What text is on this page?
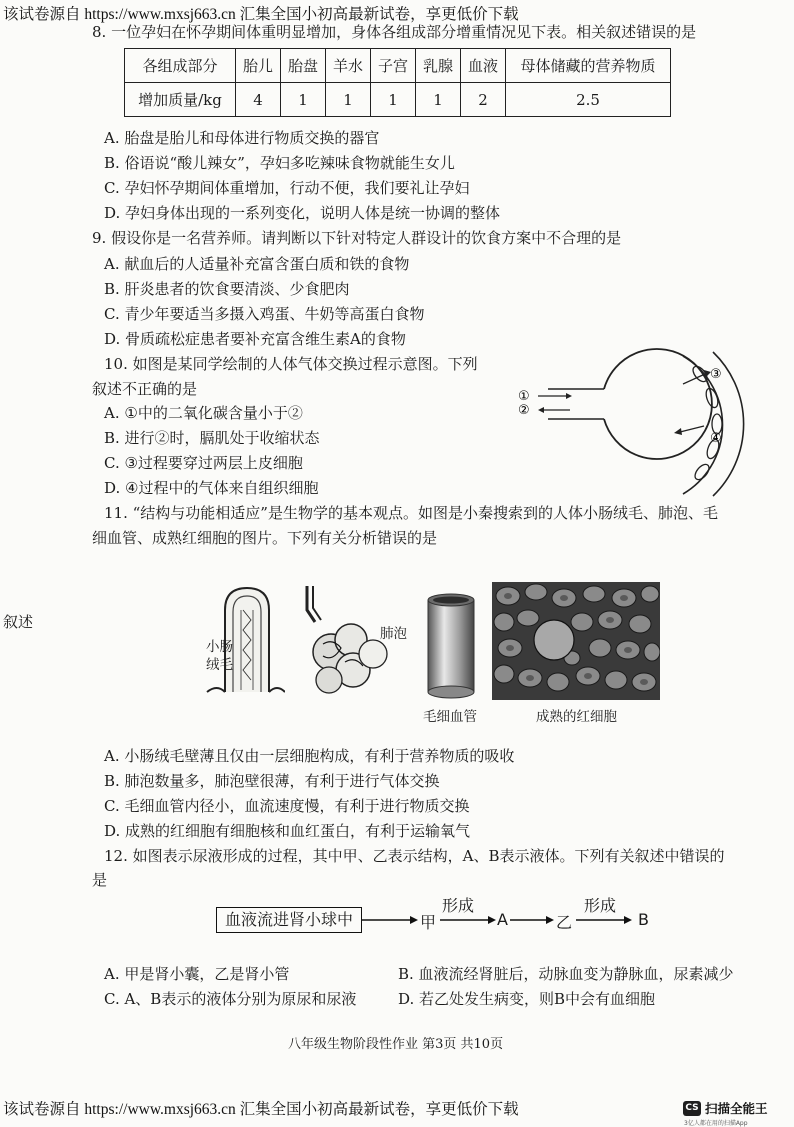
该试卷源自 https://www.mxsj663.cn 汇集全国小初高最新试卷，享更低价下载
8. 一位孕妇在怀孕期间体重明显增加，身体各组成部分增重情况见下表。相关叙述错误的是
各组成部分	胎儿	胎盘	羊水	子宫	乳腺	血液	母体储藏的营养物质
增加质量/kg	4	1	1	1	1	2	2.5
A. 胎盘是胎儿和母体进行物质交换的器官
B. 俗语说“酸儿辣女”，孕妇多吃辣味食物就能生女儿
C. 孕妇怀孕期间体重增加，行动不便，我们要礼让孕妇
D. 孕妇身体出现的一系列变化，说明人体是统一协调的整体
9. 假设你是一名营养师。请判断以下针对特定人群设计的饮食方案中不合理的是
A. 献血后的人适量补充富含蛋白质和铁的食物
B. 肝炎患者的饮食要清淡、少食肥肉
C. 青少年要适当多摄入鸡蛋、牛奶等高蛋白食物
D. 骨质疏松症患者要补充富含维生素A的食物
10. 如图是某同学绘制的人体气体交换过程示意图。下列
叙述不正确的是
A. ①中的二氧化碳含量小于②
B. 进行②时，膈肌处于收缩状态
C. ③过程要穿过两层上皮细胞
D. ④过程中的气体来自组织细胞
①
②
③
④
11. “结构与功能相适应”是生物学的基本观点。如图是小秦搜索到的人体小肠绒毛、肺泡、毛
细血管、成熟红细胞的图片。下列有关分析错误的是
叙述
小肠
绒毛
肺泡
毛细血管	成熟的红细胞
A. 小肠绒毛壁薄且仅由一层细胞构成，有利于营养物质的吸收
B. 肺泡数量多，肺泡壁很薄，有利于进行气体交换
C. 毛细血管内径小，血流速度慢，有利于进行物质交换
D. 成熟的红细胞有细胞核和血红蛋白，有利于运输氧气
12. 如图表示尿液形成的过程，其中甲、乙表示结构，A、B表示液体。下列有关叙述中错误的
是
血液流进肾小球中	甲
形成
A	乙
形成
B
A. 甲是肾小囊，乙是肾小管	B. 血液流经肾脏后，动脉血变为静脉血，尿素减少
C. A、B表示的液体分别为原尿和尿液	D. 若乙处发生病变，则B中会有血细胞
八年级生物阶段性作业 第3页 共10页
该试卷源自 https://www.mxsj663.cn 汇集全国小初高最新试卷，享更低价下载	CS 扫描全能王
3亿人都在用的扫描App
